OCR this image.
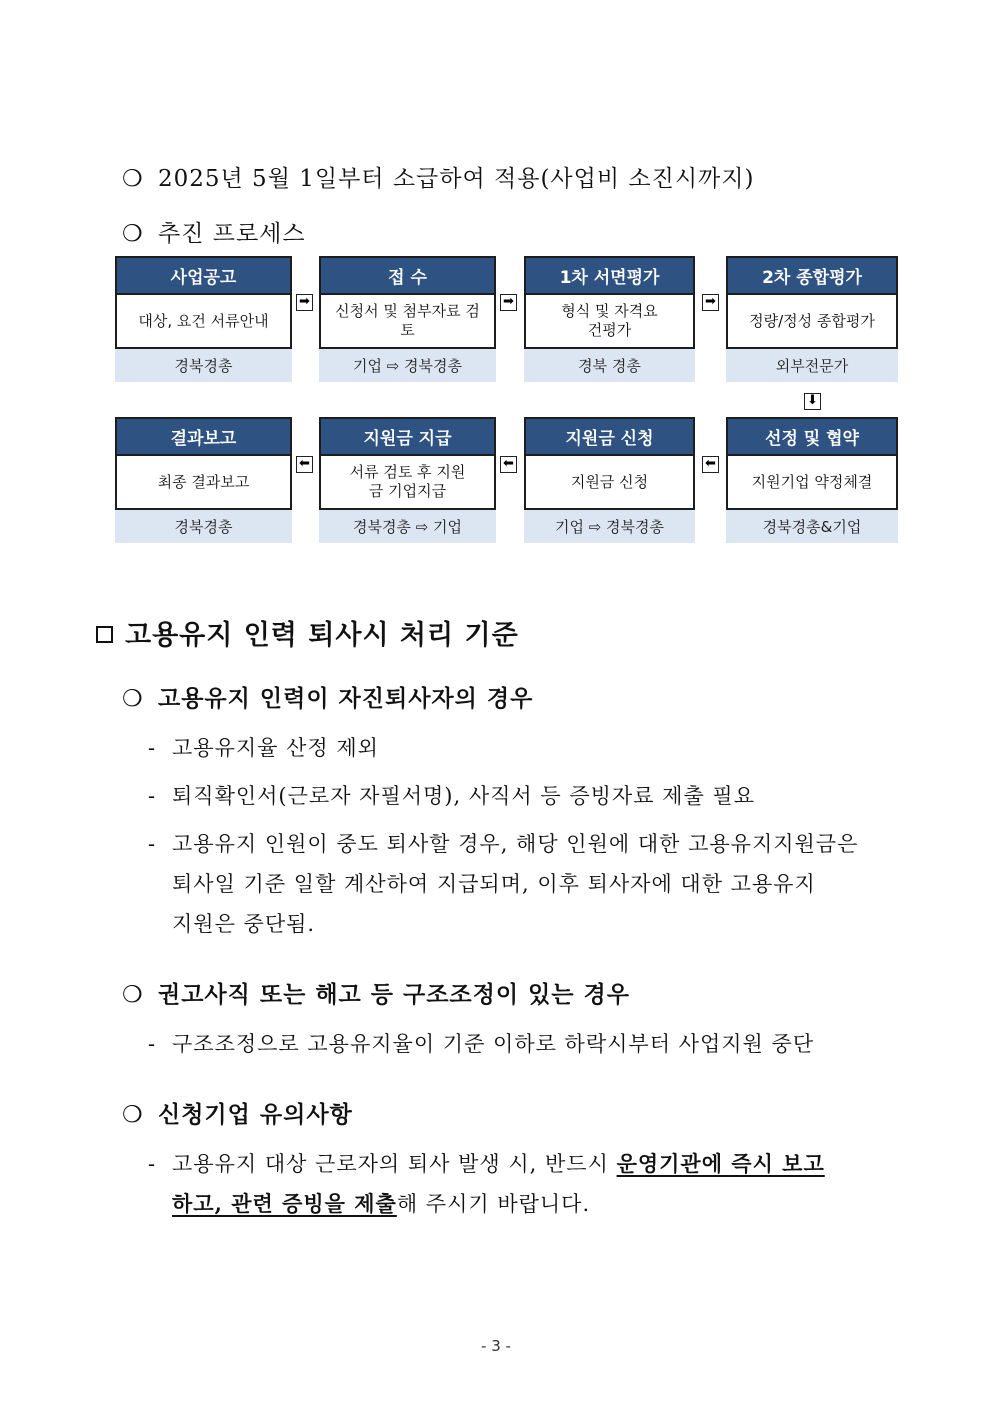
❍ 2025년 5월 1일부터 소급하여 적용(사업비 소진시까지)
❍ 추진 프로세스
사업공고
대상, 요건 서류안내
경북경총
➡
접 수
신청서 및 첨부자료 검토
기업 ⇨ 경북경총
➡
1차 서면평가
형식 및 자격요건평가
경북 경총
➡
2차 종합평가
정량/정성 종합평가
외부전문가
⬇
결과보고
최종 결과보고
경북경총
⬅
지원금 지급
서류 검토 후 지원금 기업지급
경북경총 ⇨ 기업
⬅
지원금 신청
지원금 신청
기업 ⇨ 경북경총
⬅
선정 및 협약
지원기업 약정체결
경북경총&기업
고용유지 인력 퇴사시 처리 기준
❍ 고용유지 인력이 자진퇴사자의 경우
- 고용유지율 산정 제외
- 퇴직확인서(근로자 자필서명), 사직서 등 증빙자료 제출 필요
- 고용유지 인원이 중도 퇴사할 경우, 해당 인원에 대한 고용유지지원금은
퇴사일 기준 일할 계산하여 지급되며, 이후 퇴사자에 대한 고용유지
지원은 중단됨.
❍ 권고사직 또는 해고 등 구조조정이 있는 경우
- 구조조정으로 고용유지율이 기준 이하로 하락시부터 사업지원 중단
❍ 신청기업 유의사항
- 고용유지 대상 근로자의 퇴사 발생 시, 반드시 운영기관에 즉시 보고
하고, 관련 증빙을 제출해 주시기 바랍니다.
- 3 -
